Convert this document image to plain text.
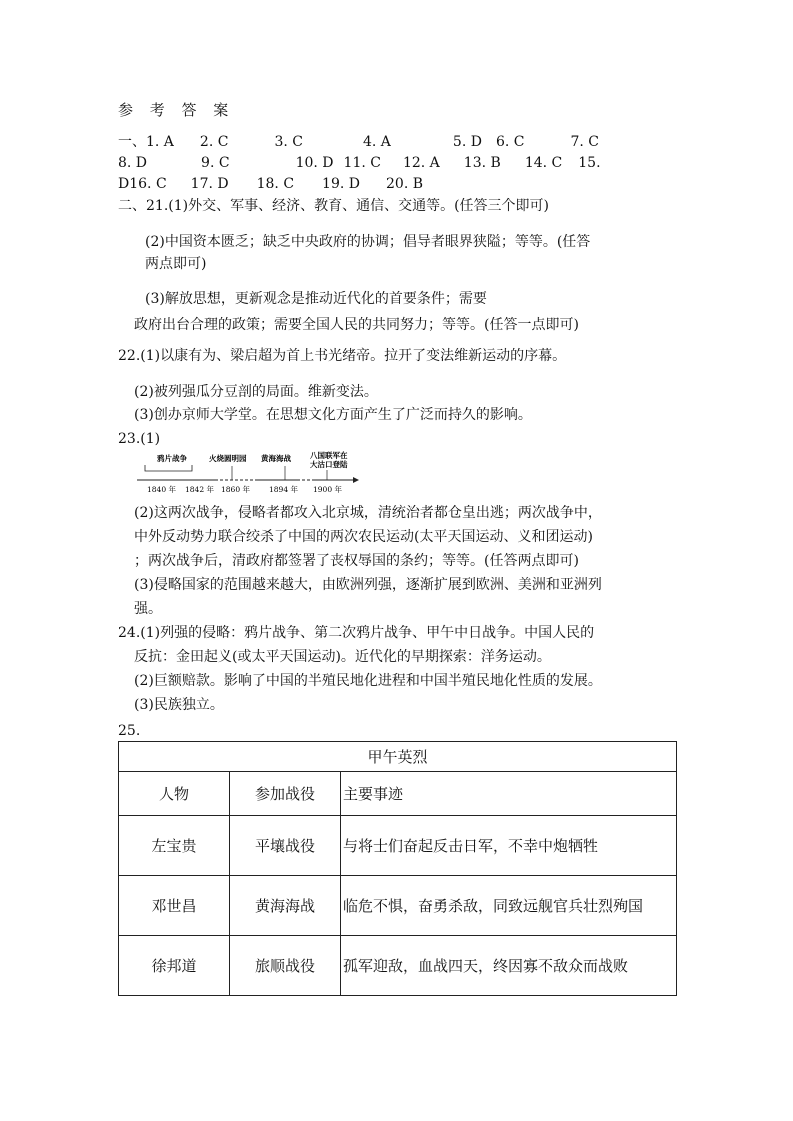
参 考 答 案
一、1. A 2. C	3. C	4. A	5. D 6. C	7. C
8. D	9. C	10. D 11. C 12. A 13. B 14. C 15.
D16. C 17. D 18. C 19. D 20. B
二、21.(1)外交、军事、经济、教育、通信、交通等。(任答三个即可)
(2)中国资本匮乏；缺乏中央政府的协调；倡导者眼界狭隘；等等。(任答
两点即可)
(3)解放思想，更新观念是推动近代化的首要条件；需要
政府出台合理的政策；需要全国人民的共同努力；等等。(任答一点即可)
22.(1)以康有为、梁启超为首上书光绪帝。拉开了变法维新运动的序幕。
(2)被列强瓜分豆剖的局面。维新变法。
(3)创办京师大学堂。在思想文化方面产生了广泛而持久的影响。
23.(1)
鸦片战争	火烧圆明园 黄海海战	八国联军在
大沽口登陆
1840 年 1842 年 1860 年	1894 年 1900 年
(2)这两次战争，侵略者都攻入北京城，清统治者都仓皇出逃；两次战争中，
中外反动势力联合绞杀了中国的两次农民运动(太平天国运动、义和团运动)
；两次战争后，清政府都签署了丧权辱国的条约；等等。(任答两点即可)
(3)侵略国家的范围越来越大，由欧洲列强，逐渐扩展到欧洲、美洲和亚洲列
强。
24.(1)列强的侵略：鸦片战争、第二次鸦片战争、甲午中日战争。中国人民的
反抗：金田起义(或太平天国运动)。近代化的早期探索：洋务运动。
(2)巨额赔款。影响了中国的半殖民地化进程和中国半殖民地化性质的发展。
(3)民族独立。
25.
甲午英烈		
人物	参加战役	主要事迹
左宝贵	平壤战役	与将士们奋起反击日军，不幸中炮牺牲
邓世昌	黄海海战	临危不惧，奋勇杀敌，同致远舰官兵壮烈殉国
徐邦道	旅顺战役	孤军迎敌，血战四天，终因寡不敌众而战败
